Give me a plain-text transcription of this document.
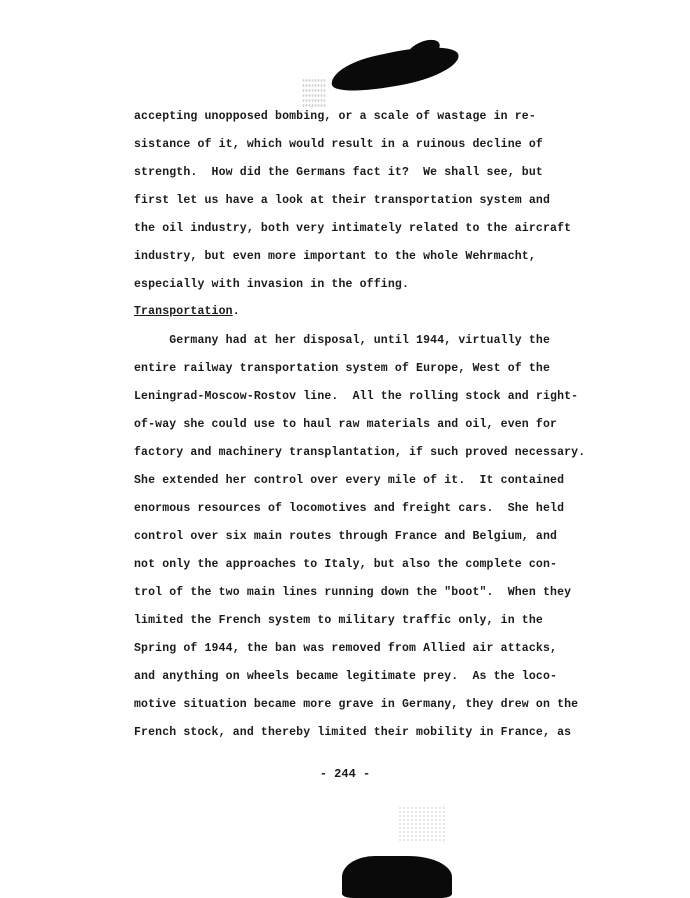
accepting unopposed bombing, or a scale of wastage in re-
sistance of it, which would result in a ruinous decline of
strength.  How did the Germans fact it?  We shall see, but
first let us have a look at their transportation system and
the oil industry, both very intimately related to the aircraft
industry, but even more important to the whole Wehrmacht,
especially with invasion in the offing.
Transportation.
Germany had at her disposal, until 1944, virtually the
entire railway transportation system of Europe, West of the
Leningrad-Moscow-Rostov line.  All the rolling stock and right-
of-way she could use to haul raw materials and oil, even for
factory and machinery transplantation, if such proved necessary.
She extended her control over every mile of it.  It contained
enormous resources of locomotives and freight cars.  She held
control over six main routes through France and Belgium, and
not only the approaches to Italy, but also the complete con-
trol of the two main lines running down the "boot".  When they
limited the French system to military traffic only, in the
Spring of 1944, the ban was removed from Allied air attacks,
and anything on wheels became legitimate prey.  As the loco-
motive situation became more grave in Germany, they drew on the
French stock, and thereby limited their mobility in France, as
- 244 -
